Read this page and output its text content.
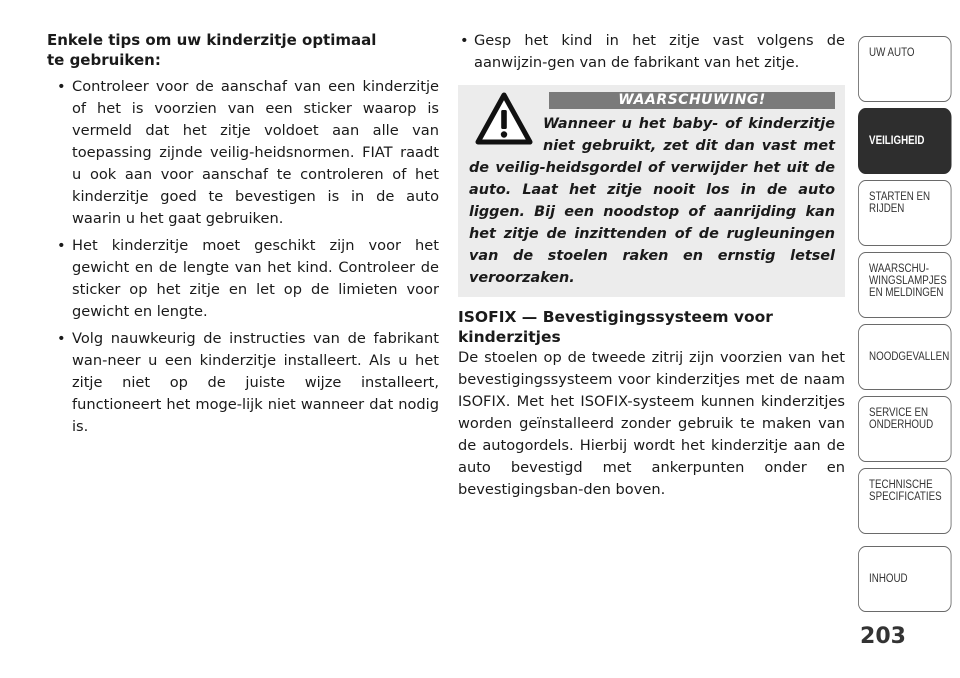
Enkele tips om uw kinderzitje optimaal
te gebruiken:
• Controleer voor de aanschaf van een kinderzitje of het is voorzien van een sticker waarop is vermeld dat het zitje voldoet aan alle van toepassing zijnde veilig-heidsnormen. FIAT raadt u ook aan voor aanschaf te controleren of het kinderzitje goed te bevestigen is in de auto waarin u het gaat gebruiken.
• Het kinderzitje moet geschikt zijn voor het gewicht en de lengte van het kind. Controleer de sticker op het zitje en let op de limieten voor gewicht en lengte.
• Volg nauwkeurig de instructies van de fabrikant wan-neer u een kinderzitje installeert. Als u het zitje niet op de juiste wijze installeert, functioneert het moge-lijk niet wanneer dat nodig is.
• Gesp het kind in het zitje vast volgens de aanwijzin-gen van de fabrikant van het zitje.
WAARSCHUWING!
Wanneer u het baby- of kinderzitje niet gebruikt, zet dit dan vast met de veilig-heidsgordel of verwijder het uit de auto. Laat het zitje nooit los in de auto liggen. Bij een noodstop of aanrijding kan het zitje de inzittenden of de rugleuningen van de stoelen raken en ernstig letsel veroorzaken.
ISOFIX — Bevestigingssysteem voor
kinderzitjes
De stoelen op de tweede zitrij zijn voorzien van het bevestigingssysteem voor kinderzitjes met de naam ISOFIX. Met het ISOFIX-systeem kunnen kinderzitjes worden geïnstalleerd zonder gebruik te maken van de autogordels. Hierbij wordt het kinderzitje aan de auto bevestigd met ankerpunten onder en bevestigingsban-den boven.
UW AUTO
VEILIGHEID
STARTEN EN
RIJDEN
WAARSCHU-
WINGSLAMPJES
EN MELDINGEN
NOODGEVALLEN
SERVICE EN
ONDERHOUD
TECHNISCHE
SPECIFICATIES
INHOUD
203
